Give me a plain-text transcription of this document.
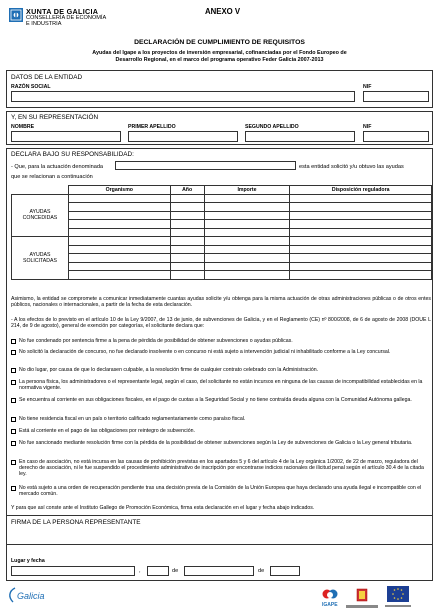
XUNTA DE GALICIA
CONSELLERÍA DE ECONOMÍA
E INDUSTRIA
ANEXO V
DECLARACIÓN DE CUMPLIMIENTO DE REQUISITOS
Ayudas del Igape a los proyectos de inversión empresarial, cofinanciadas por el Fondo Europeo de
Desarrollo Regional, en el marco del programa operativo Feder Galicia 2007-2013
DATOS DE LA ENTIDAD
RAZÓN SOCIAL	NIF
Y, EN SU REPRESENTACIÓN
NOMBRE	PRIMER APELLIDO	SEGUNDO APELLIDO	NIF
DECLARA BAJO SU RESPONSABILIDAD:
- Que, para la actuación denominada	esta entidad solicitó y/u obtuvo las ayudas
que se relacionan a continuación
	Organismo	Año	Importe	Disposición reguladora

AYUDAS
CONCEDIDAS				

AYUDAS
SOLICITADAS				

Asimismo, la entidad se compromete a comunicar inmediatamente cuantas ayudas solicite y/u obtenga para la misma actuación de otras administraciones públicas o de otros entes públicos, nacionales o internacionales, a partir de la fecha de esta declaración.
- A los efectos de lo previsto en el artículo 10 de la Ley 9/2007, de 13 de junio, de subvenciones de Galicia, y en el Reglamento (CE) nº 800/2008, de 6 de agosto de 2008 (DOUE L 214, de 9 de agosto), general de exención por categorías, el solicitante declara que:
No fue condenado por sentencia firme a la pena de pérdida de posibilidad de obtener subvenciones o ayudas públicas.
No solicitó la declaración de concurso, no fue declarado insolvente o en concurso ni está sujeto a intervención judicial ni inhabilitado conforme a la Ley concursal.
No dio lugar, por causa de que lo declarasen culpable, a la resolución firme de cualquier contrato celebrado con la Administración.
La persona física, los administradores o el representante legal, según el caso, del solicitante no están incursos en ninguna de las causas de incompatibilidad establecidas en la normativa vigente.
Se encuentra al corriente en sus obligaciones fiscales, en el pago de cuotas a la Seguridad Social y no tiene contraída deuda alguna con la Comunidad Autónoma gallega.
No tiene residencia fiscal en un país o territorio calificado reglamentariamente como paraíso fiscal.
Está al corriente en el pago de las obligaciones por reintegro de subvención.
No fue sancionado mediante resolución firme con la pérdida de la posibilidad de obtener subvenciones según la Ley de subvenciones de Galicia o la Ley general tributaria.
En caso de asociación, no está incursa en las causas de prohibición previstas en los apartados 5 y 6 del artículo 4 de la Ley orgánica 1/2002, de 22 de marzo, reguladora del derecho de asociación, ni le fue suspendido el procedimiento administrativo de inscripción por encontrarse indicios racionales de ilicitud penal según el artículo 30.4 de la citada ley.
No está sujeto a una orden de recuperación pendiente tras una decisión previa de la Comisión de la Unión Europea que haya declarado una ayuda ilegal e incompatible con el mercado común.
Y para que así conste ante el Instituto Gallego de Promoción Económica, firma esta declaración en el lugar y fecha abajo indicados.
FIRMA DE LA PERSONA REPRESENTANTE
Lugar y fecha
,	de	de
Galicia
IGAPE
